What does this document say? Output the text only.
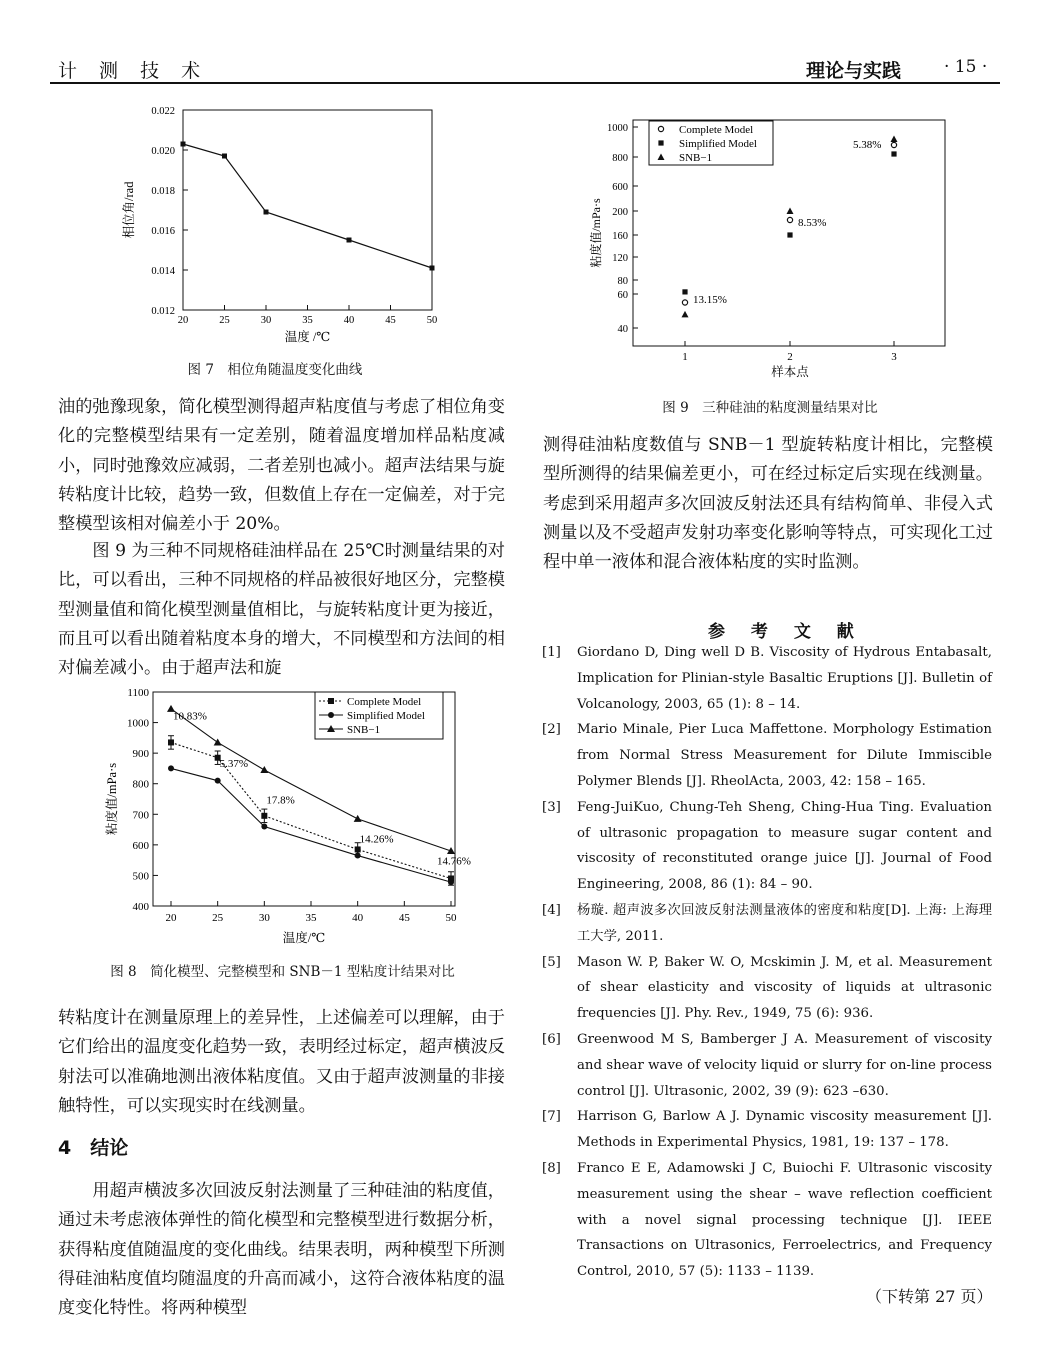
计 测 技 术	理论与实践	· 15 ·
0.012
0.014
0.016
0.018
0.020
0.022
20	25	30	35	40	45	50
温度 /℃
相位角/rad
图 7　相位角随温度变化曲线

油的弛豫现象，简化模型测得超声粘度值与考虑了相位角变化的完整模型结果有一定差别，随着温度增加样品粘度减小，同时弛豫效应减弱，二者差别也减小。超声法结果与旋转粘度计比较，趋势一致，但数值上存在一定偏差，对于完整模型该相对偏差小于 20%。

图 9 为三种不同规格硅油样品在 25℃时测量结果的对比，可以看出，三种不同规格的样品被很好地区分，完整模型测量值和简化模型测量值相比，与旋转粘度计更为接近，而且可以看出随着粘度本身的增大，不同模型和方法间的相对偏差减小。由于超声法和旋

400
500
600
700
800
900
1000
1100
20	25	30	35	40	45	50
温度/℃
粘度值/mPa·s
10.83%
5.37%
17.8%
14.26%
14.76%
Complete Model
Simplified Model
SNB−1
图 8　简化模型、完整模型和 SNB－1 型粘度计结果对比

转粘度计在测量原理上的差异性，上述偏差可以理解，由于它们给出的温度变化趋势一致，表明经过标定，超声横波反射法可以准确地测出液体粘度值。又由于超声波测量的非接触特性，可以实现实时在线测量。

4　结论

用超声横波多次回波反射法测量了三种硅油的粘度值，通过未考虑液体弹性的简化模型和完整模型进行数据分析，获得粘度值随温度的变化曲线。结果表明，两种模型下所测得硅油粘度值均随温度的升高而减小，这符合液体粘度的温度变化特性。将两种模型

40
60
80
120
160
200
600
800
1000
1	2	3
样本点
粘度值/mPa·s
13.15%
8.53%
5.38%
Complete Model
Simplified Model
SNB−1
图 9　三种硅油的粘度测量结果对比

测得硅油粘度数值与 SNB－1 型旋转粘度计相比，完整模型所测得的结果偏差更小，可在经过标定后实现在线测量。考虑到采用超声多次回波反射法还具有结构简单、非侵入式测量以及不受超声发射功率变化影响等特点，可实现化工过程中单一液体和混合液体粘度的实时监测。

参 考 文 献
[1] Giordano D, Ding well D B. Viscosity of Hydrous Entabasalt, Implication for Plinian-style Basaltic Eruptions [J]. Bulletin of Volcanology, 2003, 65 (1): 8 – 14.
[2] Mario Minale, Pier Luca Maffettone. Morphology Estimation from Normal Stress Measurement for Dilute Immiscible Polymer Blends [J]. RheolActa, 2003, 42: 158 – 165.
[3] Feng-JuiKuo, Chung-Teh Sheng, Ching-Hua Ting. Evaluation of ultrasonic propagation to measure sugar content and viscosity of reconstituted orange juice [J]. Journal of Food Engineering, 2008, 86 (1): 84 – 90.
[4] 杨璇. 超声波多次回波反射法测量液体的密度和粘度[D]. 上海: 上海理工大学, 2011.
[5] Mason W. P, Baker W. O, Mcskimin J. M, et al. Measurement of shear elasticity and viscosity of liquids at ultrasonic frequencies [J]. Phy. Rev., 1949, 75 (6): 936.
[6] Greenwood M S, Bamberger J A. Measurement of viscosity and shear wave of velocity liquid or slurry for on-line process control [J]. Ultrasonic, 2002, 39 (9): 623 –630.
[7] Harrison G, Barlow A J. Dynamic viscosity measurement [J]. Methods in Experimental Physics, 1981, 19: 137 – 178.
[8] Franco E E, Adamowski J C, Buiochi F. Ultrasonic viscosity measurement using the shear – wave reflection coefficient with a novel signal processing technique [J]. IEEE Transactions on Ultrasonics, Ferroelectrics, and Frequency Control, 2010, 57 (5): 1133 – 1139.
（下转第 27 页）
